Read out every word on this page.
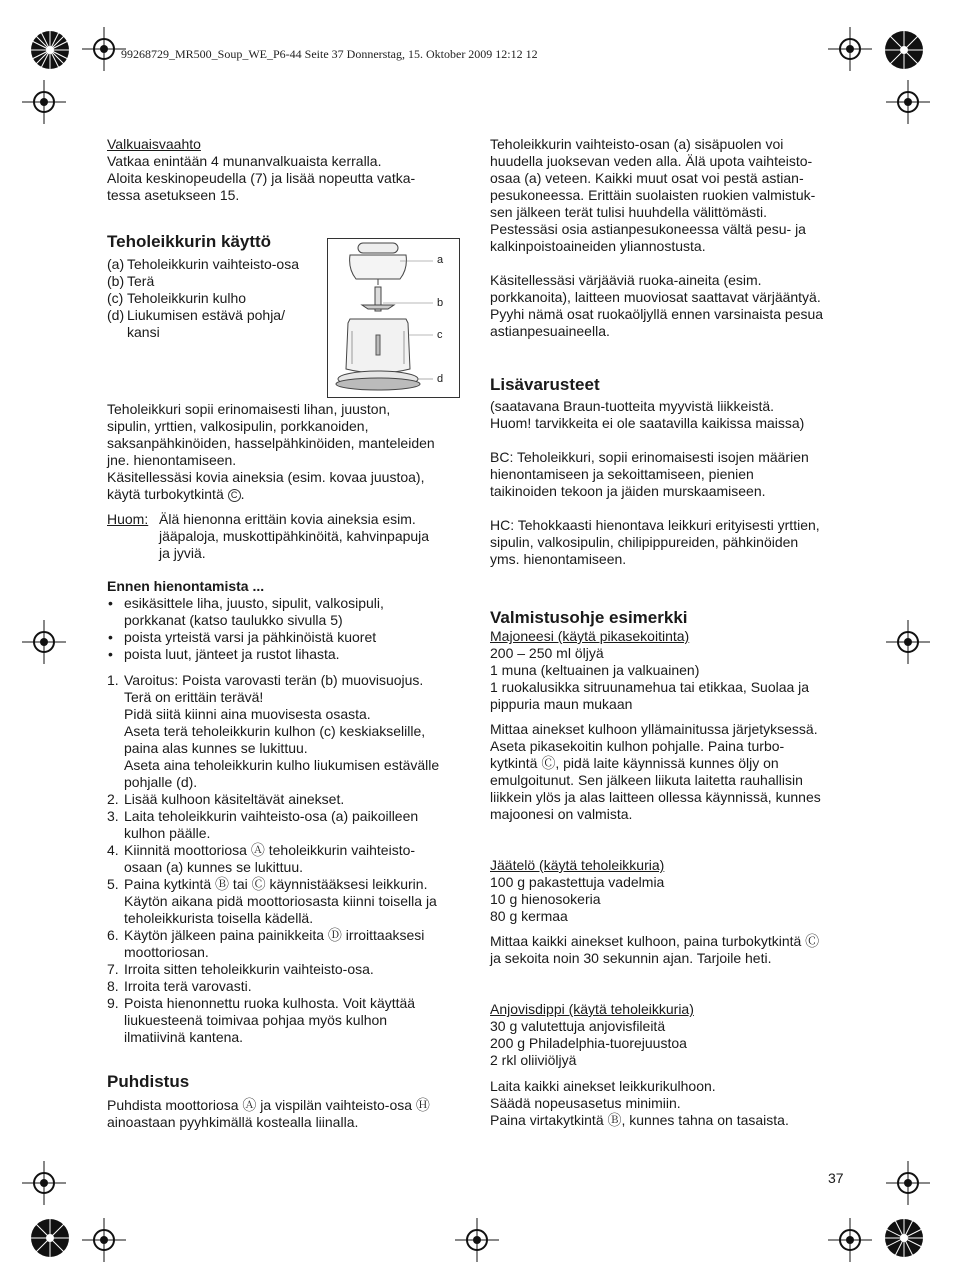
99268729_MR500_Soup_WE_P6-44 Seite 37 Donnerstag, 15. Oktober 2009 12:12 12

Valkuaisvaahto

Vatkaa enintään 4 munanvalkuaista kerralla.

Aloita keskinopeudella (7) ja lisää nopeutta vatka-

tessa asetukseen 15.

Teholeikkurin käyttö
(a) Teholeikkurin vaihteisto-osa
(b) Terä
(c) Teholeikkurin kulho
(d) Liukumisen estävä pohja/
kansi

Teholeikkuri sopii erinomaisesti lihan, juuston,

sipulin, yrttien, valkosipulin, porkkanoiden,

saksanpähkinöiden, hasselpähkinöiden, manteleiden

jne. hienontamiseen.

Käsitellessäsi kovia aineksia (esim. kovaa juustoa),

käytä turbokytkintä C .

Huom: Älä hienonna erittäin kovia aineksia esim.

jääpaloja, muskottipähkinöitä, kahvinpapuja

ja jyviä.

Ennen hienontamista ...

• esikäsittele liha, juusto, sipulit, valkosipuli,

porkkanat (katso taulukko sivulla 5)

• poista yrteistä varsi ja pähkinöistä kuoret

• poista luut, jänteet ja rustot lihasta.

1. Varoitus: Poista varovasti terän (b) muovisuojus.

Terä on erittäin terävä!

Pidä siitä kiinni aina muovisesta osasta.

Aseta terä teholeikkurin kulhon (c) keskiakselille,

paina alas kunnes se lukittuu.

Aseta aina teholeikkurin kulho liukumisen estävälle

pohjalle (d).

2. Lisää kulhoon käsiteltävät ainekset.

3. Laita teholeikkurin vaihteisto-osa (a) paikoilleen

kulhon päälle.

4. Kiinnitä moottoriosa Ⓐ teholeikkurin vaihteisto-

osaan (a) kunnes se lukittuu.

5. Paina kytkintä Ⓑ tai Ⓒ käynnistääksesi leikkurin.

Käytön aikana pidä moottoriosasta kiinni toisella ja

teholeikkurista toisella kädellä.

6. Käytön jälkeen paina painikkeita Ⓓ irroittaaksesi

moottoriosan.

7. Irroita sitten teholeikkurin vaihteisto-osa.

8. Irroita terä varovasti.

9. Poista hienonnettu ruoka kulhosta. Voit käyttää

liukuesteenä toimivaa pohjaa myös kulhon

ilmatiivinä kantena.

Puhdistus

Puhdista moottoriosa Ⓐ ja vispilän vaihteisto-osa Ⓗ

ainoastaan pyyhkimällä kostealla liinalla.

a
b
c
d

Teholeikkurin vaihteisto-osan (a) sisäpuolen voi

huudella juoksevan veden alla. Älä upota vaihteisto-

osaa (a) veteen. Kaikki muut osat voi pestä astian-

pesukoneessa. Erittäin suolaisten ruokien valmistuk-

sen jälkeen terät tulisi huuhdella välittömästi.

Pestessäsi osia astianpesukoneessa vältä pesu- ja

kalkinpoistoaineiden yliannostusta.

Käsitellessäsi värjääviä ruoka-aineita (esim.

porkkanoita), laitteen muoviosat saattavat värjääntyä.

Pyyhi nämä osat ruokaöljyllä ennen varsinaista pesua

astianpesuaineella.

Lisävarusteet

(saatavana Braun-tuotteita myyvistä liikkeistä.

Huom! tarvikkeita ei ole saatavilla kaikissa maissa)

BC: Teholeikkuri, sopii erinomaisesti isojen määrien

hienontamiseen ja sekoittamiseen, pienien

taikinoiden tekoon ja jäiden murskaamiseen.

HC: Tehokkaasti hienontava leikkuri erityisesti yrttien,

sipulin, valkosipulin, chilipippureiden, pähkinöiden

yms. hienontamiseen.

Valmistusohje esimerkki

Majoneesi (käytä pikasekoitinta)

200 – 250 ml öljyä

1 muna (keltuainen ja valkuainen)

1 ruokalusikka sitruunamehua tai etikkaa, Suolaa ja

pippuria maun mukaan

Mittaa ainekset kulhoon yllämainitussa järjetyksessä.

Aseta pikasekoitin kulhon pohjalle. Paina turbo-

kytkintä Ⓒ, pidä laite käynnissä kunnes öljy on

emulgoitunut. Sen jälkeen liikuta laitetta rauhallisin

liikkein ylös ja alas laitteen ollessa käynnissä, kunnes

majoonesi on valmista.

Jäätelö (käytä teholeikkuria)

100 g pakastettuja vadelmia

10 g hienosokeria

80 g kermaa

Mittaa kaikki ainekset kulhoon, paina turbokytkintä Ⓒ

ja sekoita noin 30 sekunnin ajan. Tarjoile heti.

Anjovisdippi (käytä teholeikkuria)

30 g valutettuja anjovisfileitä

200 g Philadelphia-tuorejuustoa

2 rkl oliiviöljyä

Laita kaikki ainekset leikkurikulhoon.

Säädä nopeusasetus minimiin.

Paina virtakytkintä Ⓑ, kunnes tahna on tasaista.

37
